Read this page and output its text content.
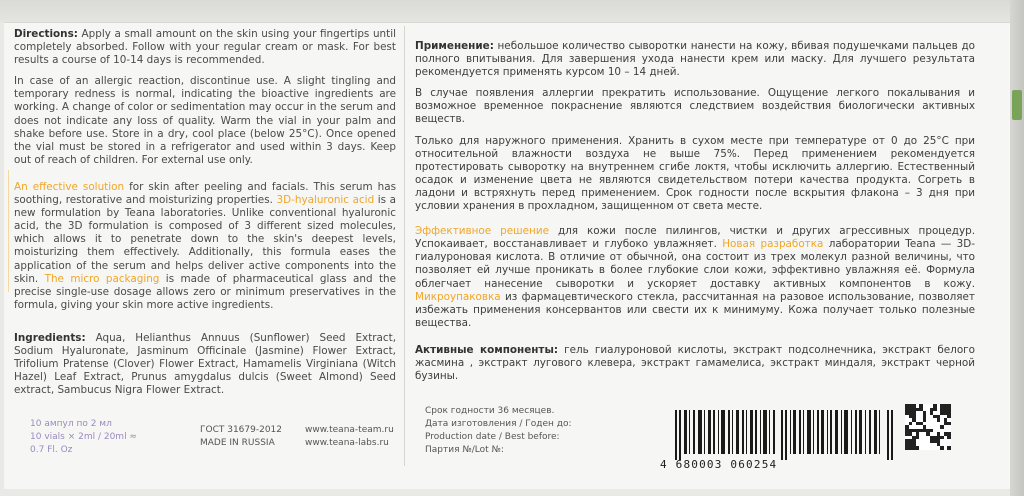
Directions: Apply a small amount on the skin using your fingertips until completely absorbed. Follow with your regular cream or mask. For best results a course of 10-14 days is recommended.

In case of an allergic reaction, discontinue use. A slight tingling and temporary redness is normal, indicating the bioactive ingredients are working. A change of color or sedimentation may occur in the serum and does not indicate any loss of quality. Warm the vial in your palm and shake before use. Store in a dry, cool place (below 25°C). Once opened the vial must be stored in a refrigerator and used within 3 days. Keep out of reach of children. For external use only.

An effective solution for skin after peeling and facials. This serum has soothing, restorative and moisturizing properties. 3D-hyaluronic acid is a new formulation by Teana laboratories. Unlike conventional hyaluronic acid, the 3D formulation is composed of 3 different sized molecules, which allows it to penetrate down to the skin's deepest levels, moisturizing them effectively. Additionally, this formula eases the application of the serum and helps deliver active components into the skin. The micro packaging is made of pharmaceutical glass and the precise single-use dosage allows zero or minimum preservatives in the formula, giving your skin more active ingredients.

Ingredients: Aqua, Helianthus Annuus (Sunflower) Seed Extract, Sodium Hyaluronate, Jasminum Officinale (Jasmine) Flower Extract, Trifolium Pratense (Clover) Flower Extract, Hamamelis Virginiana (Witch Hazel) Leaf Extract, Prunus amygdalus dulcis (Sweet Almond) Seed extract, Sambucus Nigra Flower Extract.

Применение: небольшое количество сыворотки нанести на кожу, вбивая подушечками пальцев до полного впитывания. Для завершения ухода нанести крем или маску. Для лучшего результата рекомендуется применять курсом 10 – 14 дней.

В случае появления аллергии прекратить использование. Ощущение легкого покалывания и возможное временное покраснение являются следствием воздействия биологически активных веществ.

Только для наружного применения. Хранить в сухом месте при температуре от 0 до 25°С при относительной влажности воздуха не выше 75%. Перед применением рекомендуется протестировать сыворотку на внутреннем сгибе локтя, чтобы исключить аллергию. Естественный осадок и изменение цвета не являются свидетельством потери качества продукта. Согреть в ладони и встряхнуть перед применением. Срок годности после вскрытия флакона – 3 дня при условии хранения в прохладном, защищенном от света месте.

Эффективное решение для кожи после пилингов, чистки и других агрессивных процедур. Успокаивает, восстанавливает и глубоко увлажняет. Новая разработка лаборатории Teana — 3D-гиалуроновая кислота. В отличие от обычной, она состоит из трех молекул разной величины, что позволяет ей лучше проникать в более глубокие слои кожи, эффективно увлажняя её. Формула облегчает нанесение сыворотки и ускоряет доставку активных компонентов в кожу. Микроупаковка из фармацевтического стекла, рассчитанная на разовое использование, позволяет избежать применения консервантов или свести их к минимуму. Кожа получает только полезные вещества.

Активные компоненты: гель гиалуроновой кислоты, экстракт подсолнечника, экстракт белого жасмина , экстракт лугового клевера, экстракт гамамелиса, экстракт миндаля, экстракт черной бузины.

10 ампул по 2 мл
10 vials × 2ml / 20ml ≈ 0.7 Fl. Oz
ГОСТ 31679-2012
MADE IN RUSSIA
www.teana-team.ru
www.teana-labs.ru
Срок годности 36 месяцев.
Дата изготовления / Годен до:
Production date / Best before:
Партия №/Lot №:
4 680003 060254
